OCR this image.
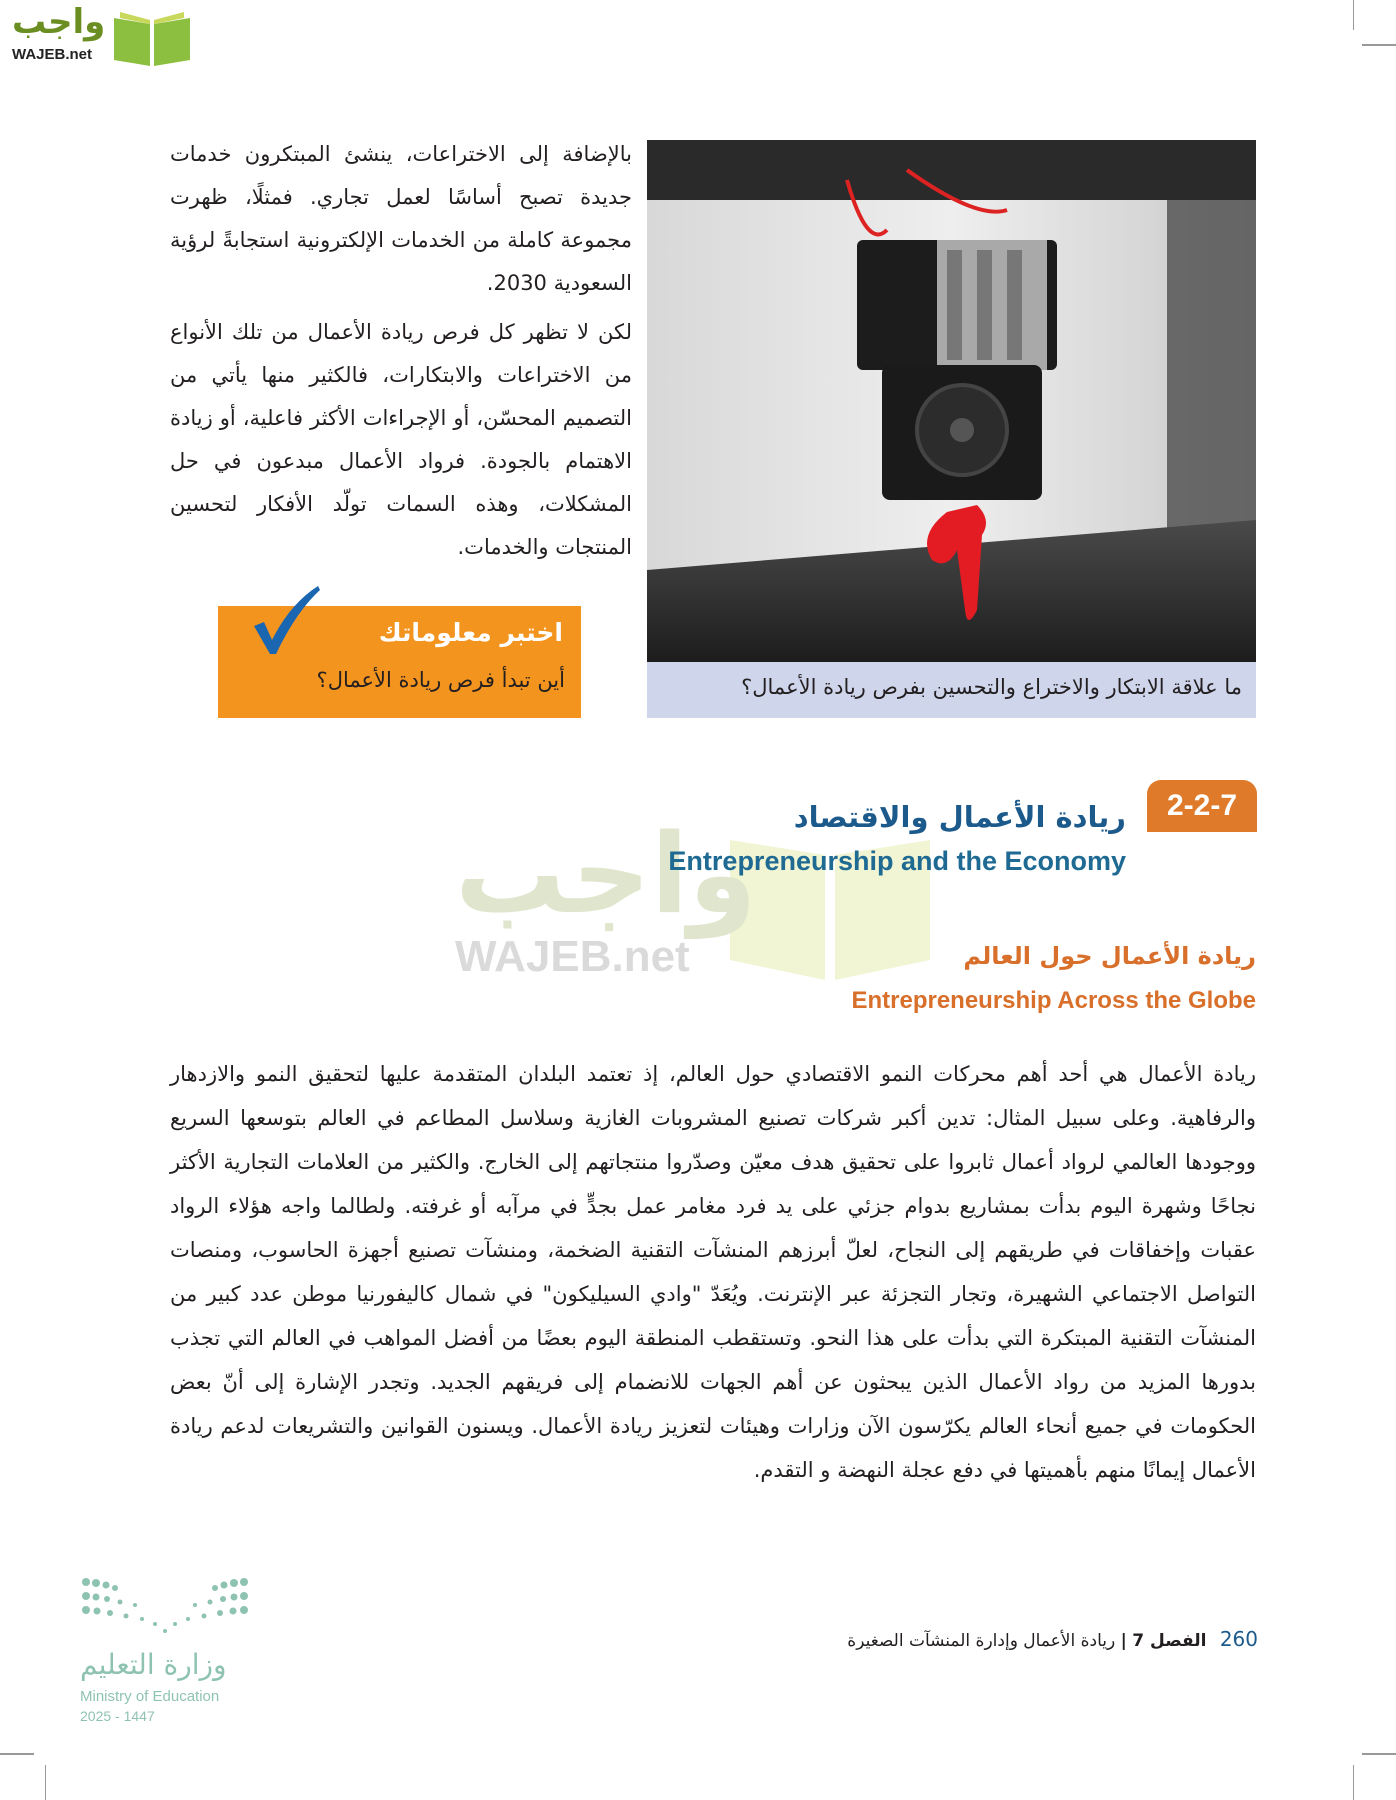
واجب
WAJEB.net

بالإضافة إلى الاختراعات، ينشئ المبتكرون خدمات جديدة تصبح أساسًا لعمل تجاري. فمثلًا، ظهرت مجموعة كاملة من الخدمات الإلكترونية استجابةً لرؤية السعودية 2030.

لكن لا تظهر كل فرص ريادة الأعمال من تلك الأنواع من الاختراعات والابتكارات، فالكثير منها يأتي من التصميم المحسّن، أو الإجراءات الأكثر فاعلية، أو زيادة الاهتمام بالجودة. فرواد الأعمال مبدعون في حل المشكلات، وهذه السمات تولّد الأفكار لتحسين المنتجات والخدمات.

اختبر معلوماتك
أين تبدأ فرص ريادة الأعمال؟	ما علاقة الابتكار والاختراع والتحسين بفرص ريادة الأعمال؟
واجب
WAJEB.net
2-2-7
ريادة الأعمال والاقتصاد
Entrepreneurship and the Economy
ريادة الأعمال حول العالم
Entrepreneurship Across the Globe
ريادة الأعمال هي أحد أهم محركات النمو الاقتصادي حول العالم، إذ تعتمد البلدان المتقدمة عليها لتحقيق النمو والازدهار والرفاهية. وعلى سبيل المثال: تدين أكبر شركات تصنيع المشروبات الغازية وسلاسل المطاعم في العالم بتوسعها السريع ووجودها العالمي لرواد أعمال ثابروا على تحقيق هدف معيّن وصدّروا منتجاتهم إلى الخارج. والكثير من العلامات التجارية الأكثر نجاحًا وشهرة اليوم بدأت بمشاريع بدوام جزئي على يد فرد مغامر عمل بجدٍّ في مرآبه أو غرفته. ولطالما واجه هؤلاء الرواد عقبات وإخفاقات في طريقهم إلى النجاح، لعلّ أبرزهم المنشآت التقنية الضخمة، ومنشآت تصنيع أجهزة الحاسوب، ومنصات التواصل الاجتماعي الشهيرة، وتجار التجزئة عبر الإنترنت. ويُعَدّ "وادي السيليكون" في شمال كاليفورنيا موطن عدد كبير من المنشآت التقنية المبتكرة التي بدأت على هذا النحو. وتستقطب المنطقة اليوم بعضًا من أفضل المواهب في العالم التي تجذب بدورها المزيد من رواد الأعمال الذين يبحثون عن أهم الجهات للانضمام إلى فريقهم الجديد. وتجدر الإشارة إلى أنّ بعض الحكومات في جميع أنحاء العالم يكرّسون الآن وزارات وهيئات لتعزيز ريادة الأعمال. ويسنون القوانين والتشريعات لدعم ريادة الأعمال إيمانًا منهم بأهميتها في دفع عجلة النهضة و التقدم.
260 الفصل 7 | ريادة الأعمال وإدارة المنشآت الصغيرة
وزارة التعليم
Ministry of Education
2025 - 1447
